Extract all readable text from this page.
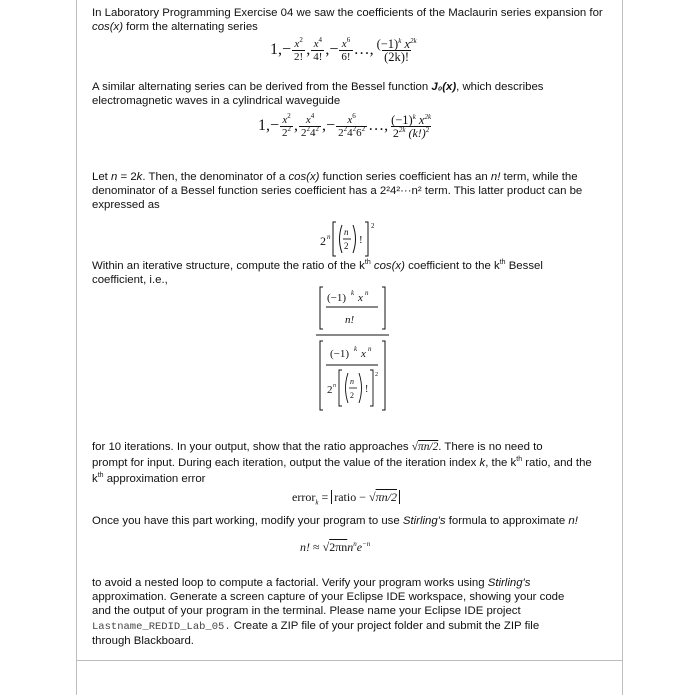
In Laboratory Programming Exercise 04 we saw the coefficients of the Maclaurin series expansion for
cos(x) form the alternating series
$1,- \frac{x^2}{2!}$ , $\frac{x^4}{4!}$ ,− $\frac{x^6}{6!}$ …, $\frac{(-1)^k x^{2k}}{(2k)!}$
A similar alternating series can be derived from the Bessel function J₀(x), which describes
electromagnetic waves in a cylindrical waveguide
$1,- \frac{x^2}{2^2}$ , $\frac{x^4}{2^24^2}$ ,− $\frac{x^6}{2^24^26^2}$ …, $\frac{(-1)^k x^{2k}}{2^{2k} (k!)^2}$
Let n = 2k. Then, the denominator of a cos(x) function series coefficient has an n! term, while the
denominator of a Bessel function series coefficient has a 2²4²···n² term. This latter product can be
expressed as
2 n n
2 !
2
Within an iterative structure, compute the ratio of the $k^{th}$ cos(x) coefficient to the $k^{th}$ Bessel
coefficient, i.e.,
(−1) k x n
n!
(−1) k x n
2 n n
2
!
2
for 10 iterations. In your output, show that the ratio approaches √πn/2. There is no need to
prompt for input. During each iteration, output the value of the iteration index k, the $k^{th}$ ratio, and the
$k^{th}$ approximation error
error$_k$ = ratio − √πn/2
Once you have this part working, modify your program to use Stirling's formula to approximate n!
n! ≈ $√2\pi nn^ne^{-n}$
to avoid a nested loop to compute a factorial. Verify your program works using Stirling's
approximation. Generate a screen capture of your Eclipse IDE workspace, showing your code
and the output of your program in the terminal. Please name your Eclipse IDE project
Lastname_REDID_Lab_05. Create a ZIP file of your project folder and submit the ZIP file
through Blackboard.
